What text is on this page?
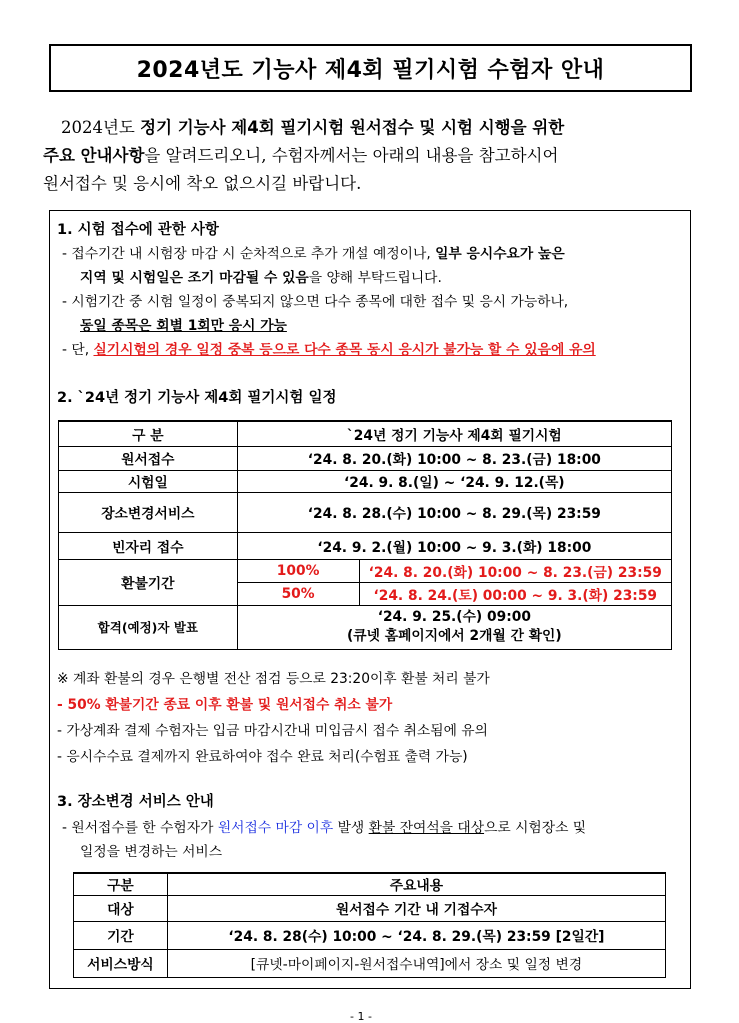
2024년도 기능사 제4회 필기시험 수험자 안내
2024년도 정기 기능사 제4회 필기시험 원서접수 및 시험 시행을 위한
주요 안내사항을 알려드리오니, 수험자께서는 아래의 내용을 참고하시어
원서접수 및 응시에 착오 없으시길 바랍니다.
1. 시험 접수에 관한 사항
- 접수기간 내 시험장 마감 시 순차적으로 추가 개설 예정이나, 일부 응시수요가 높은
지역 및 시험일은 조기 마감될 수 있음을 양해 부탁드립니다.
- 시험기간 중 시험 일정이 중복되지 않으면 다수 종목에 대한 접수 및 응시 가능하나,
동일 종목은 회별 1회만 응시 가능
- 단, 실기시험의 경우 일정 중복 등으로 다수 종목 동시 응시가 불가능 할 수 있음에 유의
2. `24년 정기 기능사 제4회 필기시험 일정
구 분	`24년 정기 기능사 제4회 필기시험	
원서접수	‘24. 8. 20.(화) 10:00 ~ 8. 23.(금) 18:00	
시험일	‘24. 9. 8.(일) ~ ‘24. 9. 12.(목)	
장소변경서비스	‘24. 8. 28.(수) 10:00 ~ 8. 29.(목) 23:59	
빈자리 접수	‘24. 9. 2.(월) 10:00 ~ 9. 3.(화) 18:00	
환불기간	100%	‘24. 8. 20.(화) 10:00 ~ 8. 23.(금) 23:59
	50%	‘24. 8. 24.(토) 00:00 ~ 9. 3.(화) 23:59
합격(예정)자 발표	‘24. 9. 25.(수) 09:00
(큐넷 홈페이지에서 2개월 간 확인)	
※ 계좌 환불의 경우 은행별 전산 점검 등으로 23:20이후 환불 처리 불가
- 50% 환불기간 종료 이후 환불 및 원서접수 취소 불가
- 가상계좌 결제 수험자는 입금 마감시간내 미입금시 접수 취소됨에 유의
- 응시수수료 결제까지 완료하여야 접수 완료 처리(수험표 출력 가능)
3. 장소변경 서비스 안내
- 원서접수를 한 수험자가 원서접수 마감 이후 발생 환불 잔여석을 대상으로 시험장소 및
일정을 변경하는 서비스
구분	주요내용
대상	원서접수 기간 내 기접수자
기간	‘24. 8. 28(수) 10:00 ~ ‘24. 8. 29.(목) 23:59 [2일간]
서비스방식	[큐넷-마이페이지-원서접수내역]에서 장소 및 일정 변경
- 1 -
